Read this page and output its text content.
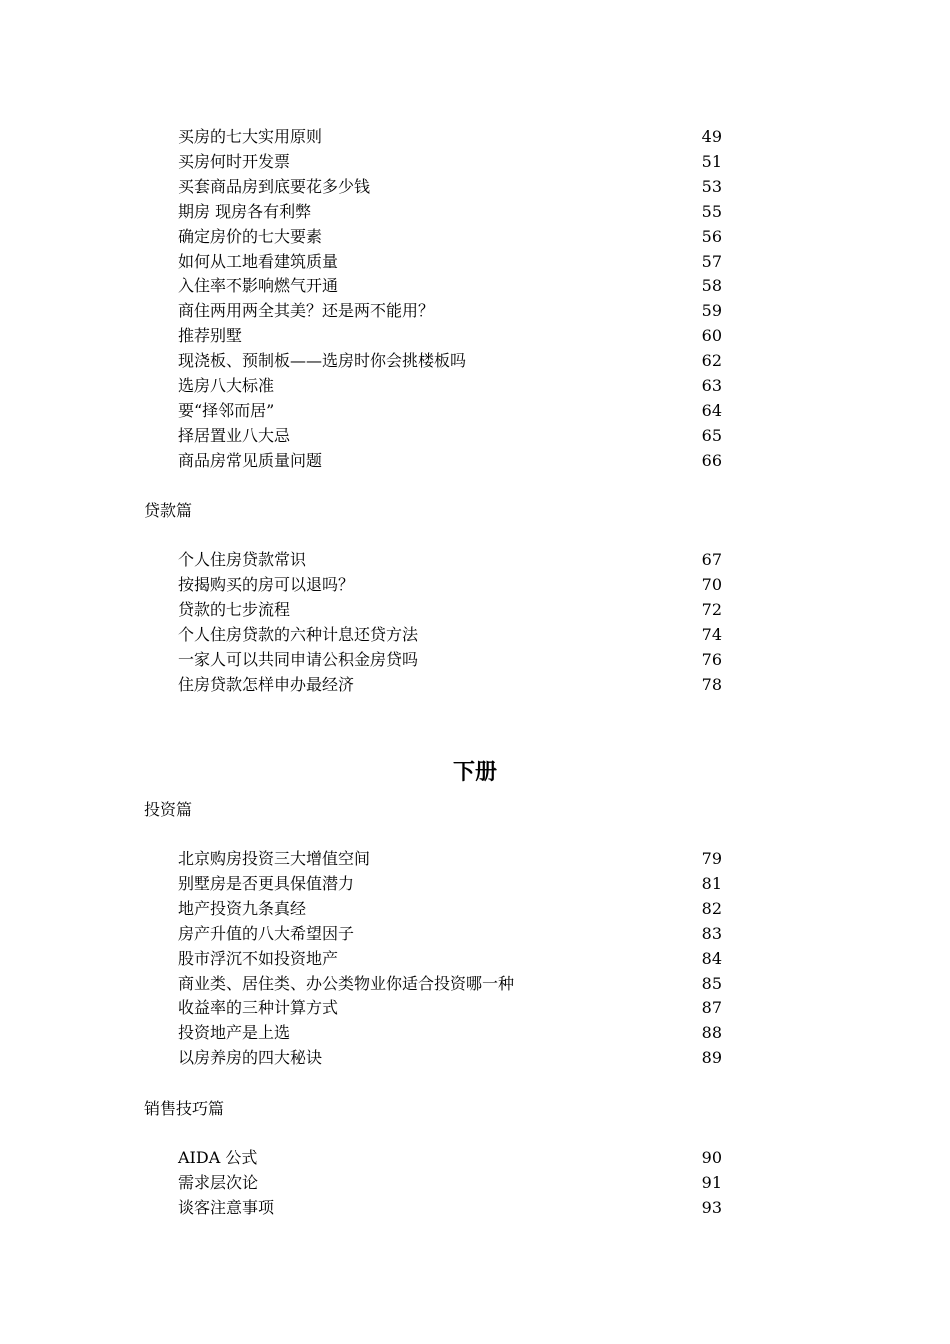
买房的七大实用原则	49
买房何时开发票	51
买套商品房到底要花多少钱	53
期房 现房各有利弊	55
确定房价的七大要素	56
如何从工地看建筑质量	57
入住率不影响燃气开通	58
商住两用两全其美？还是两不能用？	59
推荐别墅	60
现浇板、预制板——选房时你会挑楼板吗	62
选房八大标准	63
要“择邻而居”	64
择居置业八大忌	65
商品房常见质量问题	66
贷款篇
个人住房贷款常识	67
按揭购买的房可以退吗？	70
贷款的七步流程	72
个人住房贷款的六种计息还贷方法	74
一家人可以共同申请公积金房贷吗	76
住房贷款怎样申办最经济	78
下册
投资篇
北京购房投资三大增值空间	79
别墅房是否更具保值潜力	81
地产投资九条真经	82
房产升值的八大希望因子	83
股市浮沉不如投资地产	84
商业类、居住类、办公类物业你适合投资哪一种	85
收益率的三种计算方式	87
投资地产是上选	88
以房养房的四大秘诀	89
销售技巧篇
AIDA 公式	90
需求层次论	91
谈客注意事项	93
